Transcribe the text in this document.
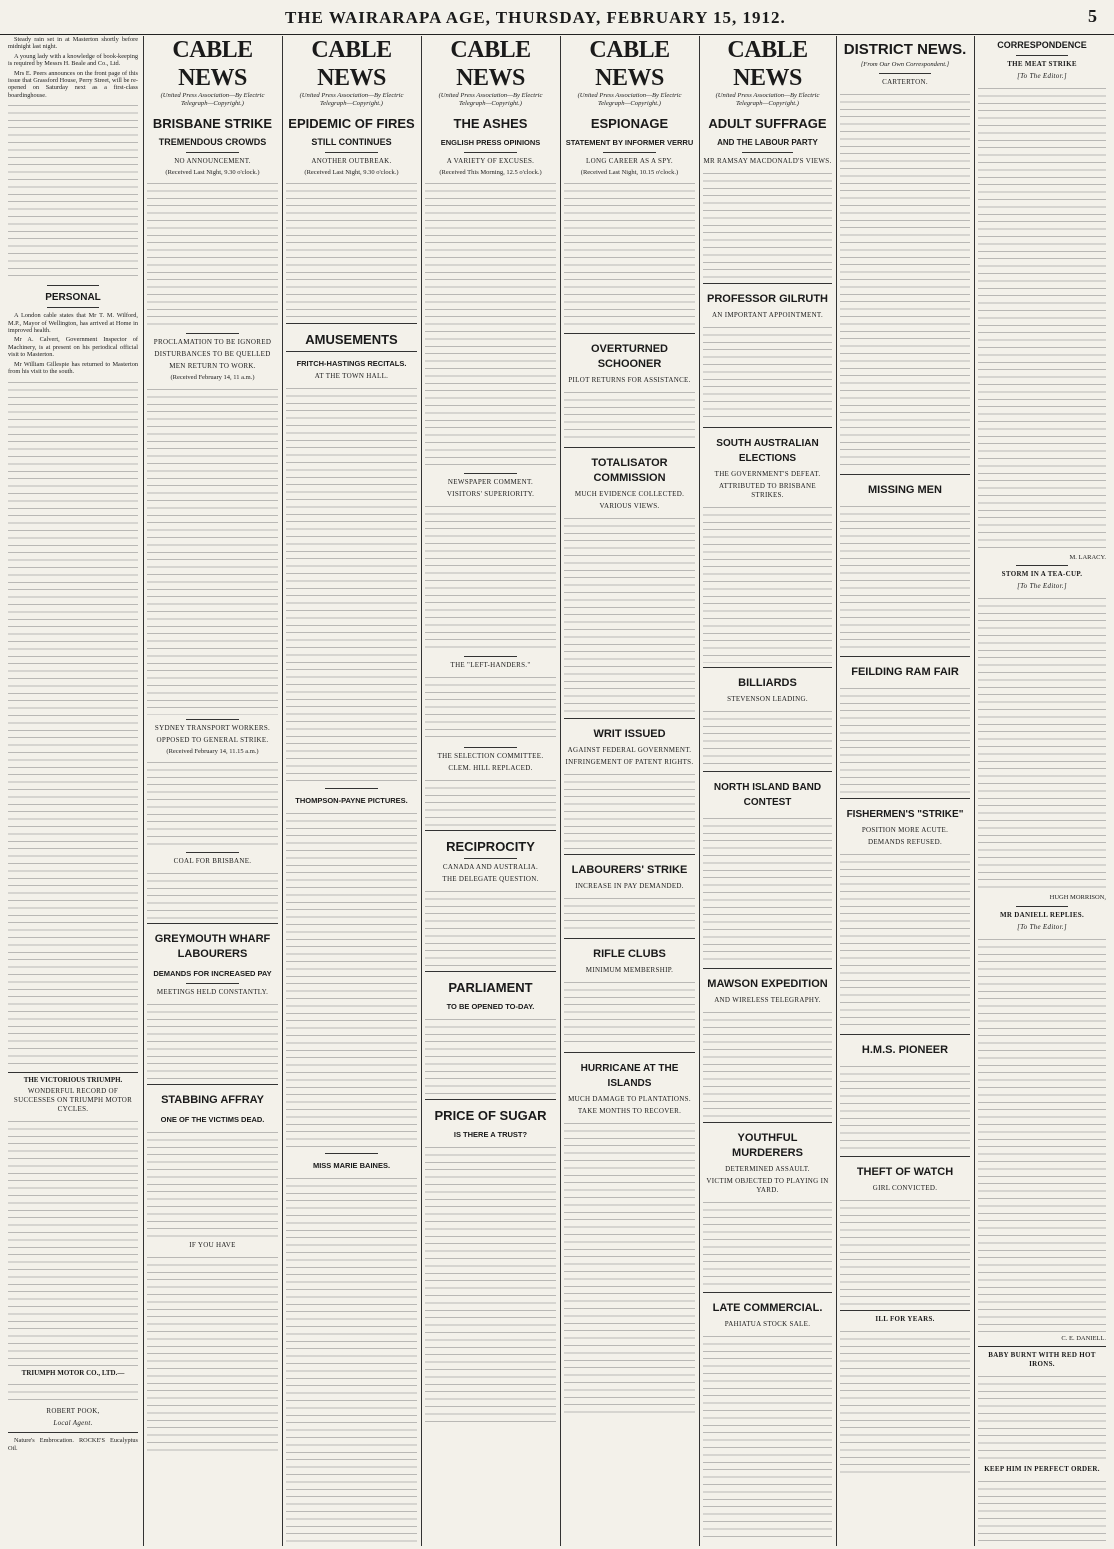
THE WAIRARAPA AGE, THURSDAY, FEBRUARY 15, 1912.	5

Steady rain set in at Masterton shortly before midnight last night.

A young lady with a knowledge of book-keeping is required by Messrs H. Beale and Co., Ltd.

Mrs E. Peers announces on the front page of this issue that Grassford House, Perry Street, will be re-opened on Saturday next as a first-class boardinghouse.

PERSONAL

A London cable states that Mr T. M. Wilford, M.P., Mayor of Wellington, has arrived at Home in improved health.

Mr A. Calvert, Government Inspector of Machinery, is at present on his periodical official visit to Masterton.

Mr William Gillespie has returned to Masterton from his visit to the south.

THE VICTORIOUS TRIUMPH.
WONDERFUL RECORD OF SUCCESSES ON TRIUMPH MOTOR CYCLES.
TRIUMPH MOTOR CO., LTD.—
ROBERT POOK,
Local Agent.

Nature's Embrocation. ROCKE'S Eucalyptus Oil.

CABLE NEWS
(United Press Association—By Electric Telegraph—Copyright.)
BRISBANE STRIKE
TREMENDOUS CROWDS
NO ANNOUNCEMENT.
(Received Last Night, 9.30 o'clock.)
PROCLAMATION TO BE IGNORED
DISTURBANCES TO BE QUELLED
MEN RETURN TO WORK.
(Received February 14, 11 a.m.)
SYDNEY TRANSPORT WORKERS.
OPPOSED TO GENERAL STRIKE.
(Received February 14, 11.15 a.m.)
COAL FOR BRISBANE.
GREYMOUTH WHARF LABOURERS
DEMANDS FOR INCREASED PAY
MEETINGS HELD CONSTANTLY.
STABBING AFFRAY
ONE OF THE VICTIMS DEAD.
IF YOU HAVE
CABLE NEWS
(United Press Association—By Electric Telegraph—Copyright.)
EPIDEMIC OF FIRES
STILL CONTINUES
ANOTHER OUTBREAK.
(Received Last Night, 9.30 o'clock.)
AMUSEMENTS
FRITCH-HASTINGS RECITALS.
AT THE TOWN HALL.
THOMPSON-PAYNE PICTURES.
MISS MARIE BAINES.
CABLE NEWS
(United Press Association—By Electric Telegraph—Copyright.)
THE ASHES
ENGLISH PRESS OPINIONS
A VARIETY OF EXCUSES.
(Received This Morning, 12.5 o'clock.)
NEWSPAPER COMMENT.
VISITORS' SUPERIORITY.
THE "LEFT-HANDERS."
THE SELECTION COMMITTEE.
CLEM. HILL REPLACED.
RECIPROCITY
CANADA AND AUSTRALIA.
THE DELEGATE QUESTION.
PARLIAMENT
TO BE OPENED TO-DAY.
PRICE OF SUGAR
IS THERE A TRUST?
CABLE NEWS
(United Press Association—By Electric Telegraph—Copyright.)
ESPIONAGE
STATEMENT BY INFORMER VERRU
LONG CAREER AS A SPY.
(Received Last Night, 10.15 o'clock.)
OVERTURNED SCHOONER
PILOT RETURNS FOR ASSISTANCE.
TOTALISATOR COMMISSION
MUCH EVIDENCE COLLECTED.
VARIOUS VIEWS.
WRIT ISSUED
AGAINST FEDERAL GOVERNMENT.
INFRINGEMENT OF PATENT RIGHTS.
LABOURERS' STRIKE
INCREASE IN PAY DEMANDED.
RIFLE CLUBS
MINIMUM MEMBERSHIP.
HURRICANE AT THE ISLANDS
MUCH DAMAGE TO PLANTATIONS.
TAKE MONTHS TO RECOVER.
CABLE NEWS
(United Press Association—By Electric Telegraph—Copyright.)
ADULT SUFFRAGE
AND THE LABOUR PARTY
MR RAMSAY MACDONALD'S VIEWS.
PROFESSOR GILRUTH
AN IMPORTANT APPOINTMENT.
SOUTH AUSTRALIAN ELECTIONS
THE GOVERNMENT'S DEFEAT.
ATTRIBUTED TO BRISBANE STRIKES.
BILLIARDS
STEVENSON LEADING.
NORTH ISLAND BAND CONTEST
MAWSON EXPEDITION
AND WIRELESS TELEGRAPHY.
YOUTHFUL MURDERERS
DETERMINED ASSAULT.
VICTIM OBJECTED TO PLAYING IN YARD.
LATE COMMERCIAL.
PAHIATUA STOCK SALE.
DISTRICT NEWS.
[From Our Own Correspondent.]
CARTERTON.
MISSING MEN
FEILDING RAM FAIR
FISHERMEN'S "STRIKE"
POSITION MORE ACUTE.
DEMANDS REFUSED.
H.M.S. PIONEER
THEFT OF WATCH
GIRL CONVICTED.
ILL FOR YEARS.
CORRESPONDENCE
THE MEAT STRIKE
[To The Editor.]
M. LARACY.
STORM IN A TEA-CUP.
[To The Editor.]
HUGH MORRISON,
MR DANIELL REPLIES.
[To The Editor.]
C. E. DANIELL.
BABY BURNT WITH RED HOT IRONS.
KEEP HIM IN PERFECT ORDER.
